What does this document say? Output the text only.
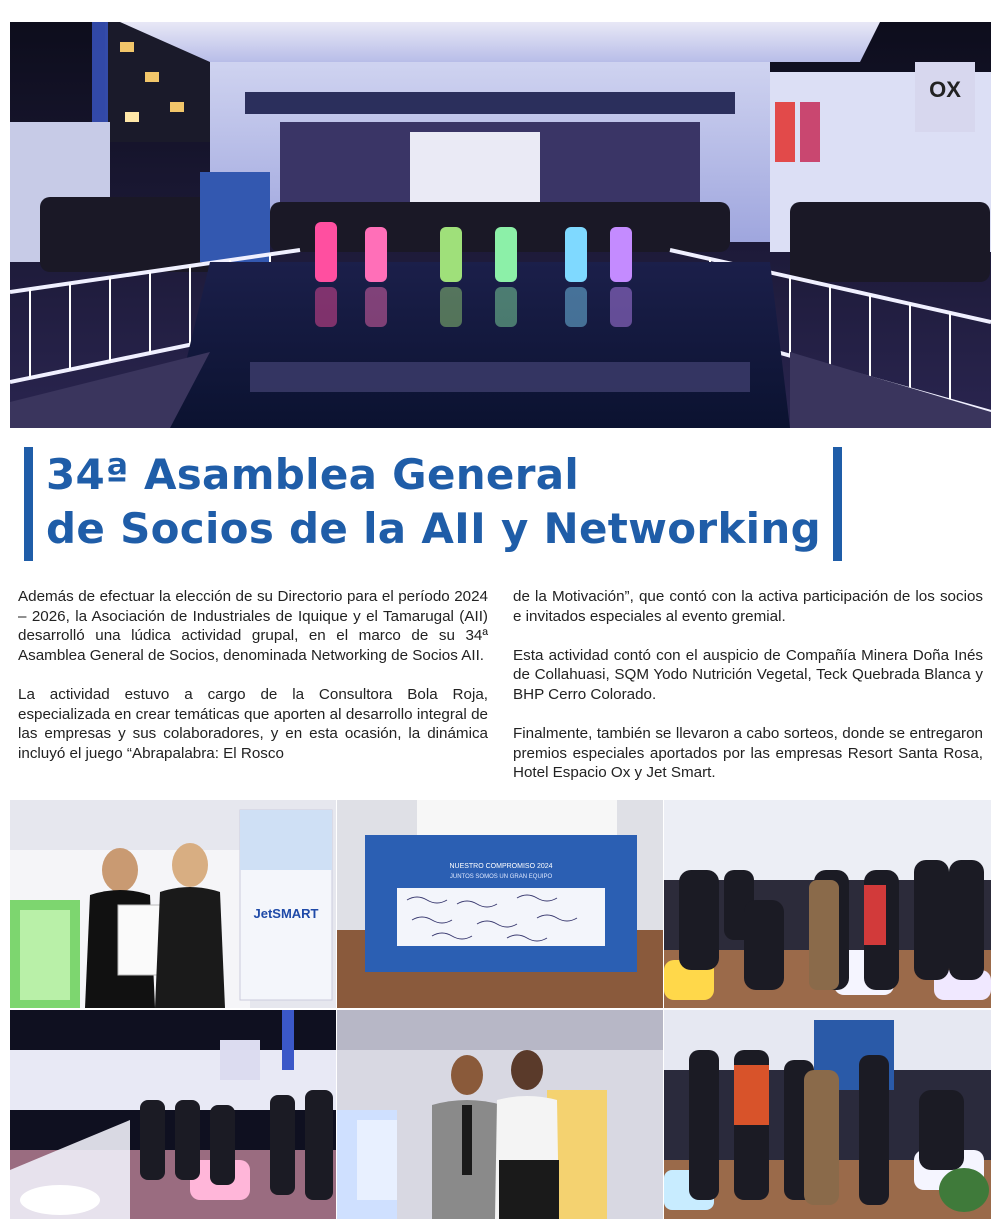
OX
34ª Asamblea General
de Socios de la AII y Networking

Además de efectuar la elección de su Directorio para el período 2024 – 2026, la Asociación de Industriales de Iquique y el Tamarugal (AII) desarrolló una lúdica actividad grupal, en el marco de su 34ª Asamblea General de Socios, denominada Networking de Socios AII.

La actividad estuvo a cargo de la Consultora Bola Roja, especializada en crear temáticas que aporten al desarrollo integral de las empresas y sus colaboradores, y en esta ocasión, la dinámica incluyó el juego “Abrapalabra: El Rosco

de la Motivación”, que contó con la activa participación de los socios e invitados especiales al evento gremial.

Esta actividad contó con el auspicio de Compañía Minera Doña Inés de Collahuasi, SQM Yodo Nutrición Vegetal, Teck Quebrada Blanca y BHP Cerro Colorado.

Finalmente, también se llevaron a cabo sorteos, donde se entregaron premios especiales aportados por las empresas Resort Santa Rosa, Hotel Espacio Ox y Jet Smart.

JetSMART
NUESTRO COMPROMISO 2024
JUNTOS SOMOS UN GRAN EQUIPO
